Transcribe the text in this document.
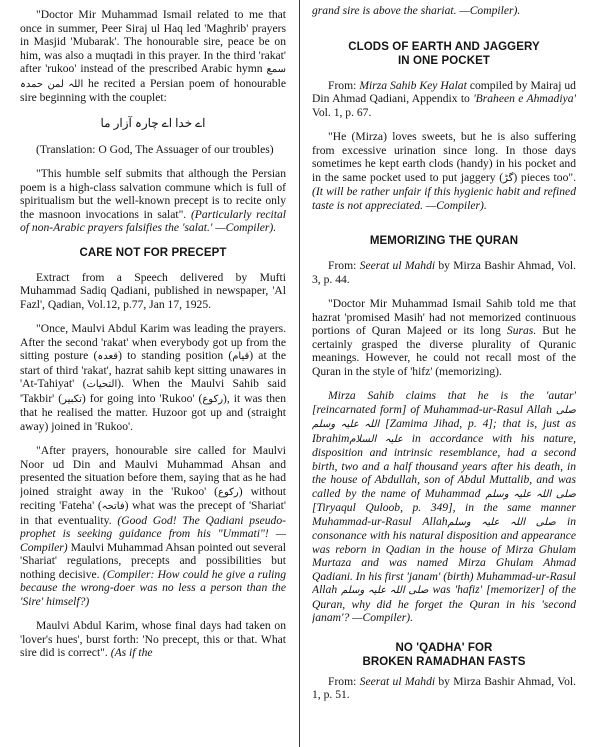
"Doctor Mir Muhammad Ismail related to me that once in summer, Peer Siraj ul Haq led 'Maghrib' prayers in Masjid 'Mubarak'. The honourable sire, peace be on him, was also a muqtadi in this prayer. In the third 'rakat' after 'rukoo' instead of the prescribed Arabic hymn سمع اللہ لمن حمدہ he recited a Persian poem of honourable sire beginning with the couplet:

اے خدا اے چارہ آزار ما

(Translation: O God, The Assuager of our troubles)

"This humble self submits that although the Persian poem is a high-class salvation commune which is full of spiritualism but the well-known precept is to recite only the masnoon invocations in salat". (Particularly recital of non-Arabic prayers falsifies the 'salat.' —Compiler).

CARE NOT FOR PRECEPT

Extract from a Speech delivered by Mufti Muhammad Sadiq Qadiani, published in newspaper, 'Al Fazl', Qadian, Vol.12, p.77, Jan 17, 1925.

"Once, Maulvi Abdul Karim was leading the prayers. After the second 'rakat' when everybody got up from the sitting posture (قعدہ) to standing position (قیام) at the start of third 'rakat', hazrat sahib kept sitting unawares in 'At-Tahiyat' (التحیات). When the Maulvi Sahib said 'Takbir' (تکبیر) for going into 'Rukoo' (رکوع), it was then that he realised the matter. Huzoor got up and (straight away) joined in 'Rukoo'.

"After prayers, honourable sire called for Maulvi Noor ud Din and Maulvi Muhammad Ahsan and presented the situation before them, saying that as he had joined straight away in the 'Rukoo' (رکوع) without reciting 'Fateha' (فاتحہ) what was the precept of 'Shariat' in that eventuality. (Good God! The Qadiani pseudo-prophet is seeking guidance from his "Ummati"! —Compiler) Maulvi Muhammad Ahsan pointed out several 'Shariat' regulations, precepts and possibilities but nothing decisive. (Compiler: How could he give a ruling because the wrong-doer was no less a person than the 'Sire' himself?)

Maulvi Abdul Karim, whose final days had taken on 'lover's hues', burst forth: 'No precept, this or that. What sire did is correct". (As if the

grand sire is above the shariat. —Compiler).

CLODS OF EARTH AND JAGGERY
IN ONE POCKET

From: Mirza Sahib Key Halat compiled by Mairaj ud Din Ahmad Qadiani, Appendix to 'Braheen e Ahmadiya' Vol. 1, p. 67.

"He (Mirza) loves sweets, but he is also suffering from excessive urination since long. In those days sometimes he kept earth clods (handy) in his pocket and in the same pocket used to put jaggery (گڑ) pieces too". (It will be rather unfair if this hygienic habit and refined taste is not appreciated. —Compiler).

MEMORIZING THE QURAN

From: Seerat ul Mahdi by Mirza Bashir Ahmad, Vol. 3, p. 44.

"Doctor Mir Muhammad Ismail Sahib told me that hazrat 'promised Masih' had not memorized continuous portions of Quran Majeed or its long Suras. But he certainly grasped the diverse plurality of Quranic meanings. However, he could not recall most of the Quran in the style of 'hifz' (memorizing).

Mirza Sahib claims that he is the 'autar' [reincarnated form] of Muhammad-ur-Rasul Allah صلی اللہ علیہ وسلم [Zamima Jihad, p. 4]; that is, just as Ibrahimعلیہ السلام in accordance with his nature, disposition and intrinsic resemblance, had a second birth, two and a half thousand years after his death, in the house of Abdullah, son of Abdul Muttalib, and was called by the name of Muhammad صلی اللہ علیہ وسلم [Tiryaqul Quloob, p. 349], in the same manner Muhammad-ur-Rasul Allahصلی اللہ علیہ وسلم in consonance with his natural disposition and appearance was reborn in Qadian in the house of Mirza Ghulam Murtaza and was named Mirza Ghulam Ahmad Qadiani. In his first 'janam' (birth) Muhammad-ur-Rasul Allah صلی اللہ علیہ وسلم was 'hafiz' [memorizer] of the Quran, why did he forget the Quran in his 'second janam'? —Compiler).

NO 'QADHA' FOR
BROKEN RAMADHAN FASTS

From: Seerat ul Mahdi by Mirza Bashir Ahmad, Vol. 1, p. 51.
